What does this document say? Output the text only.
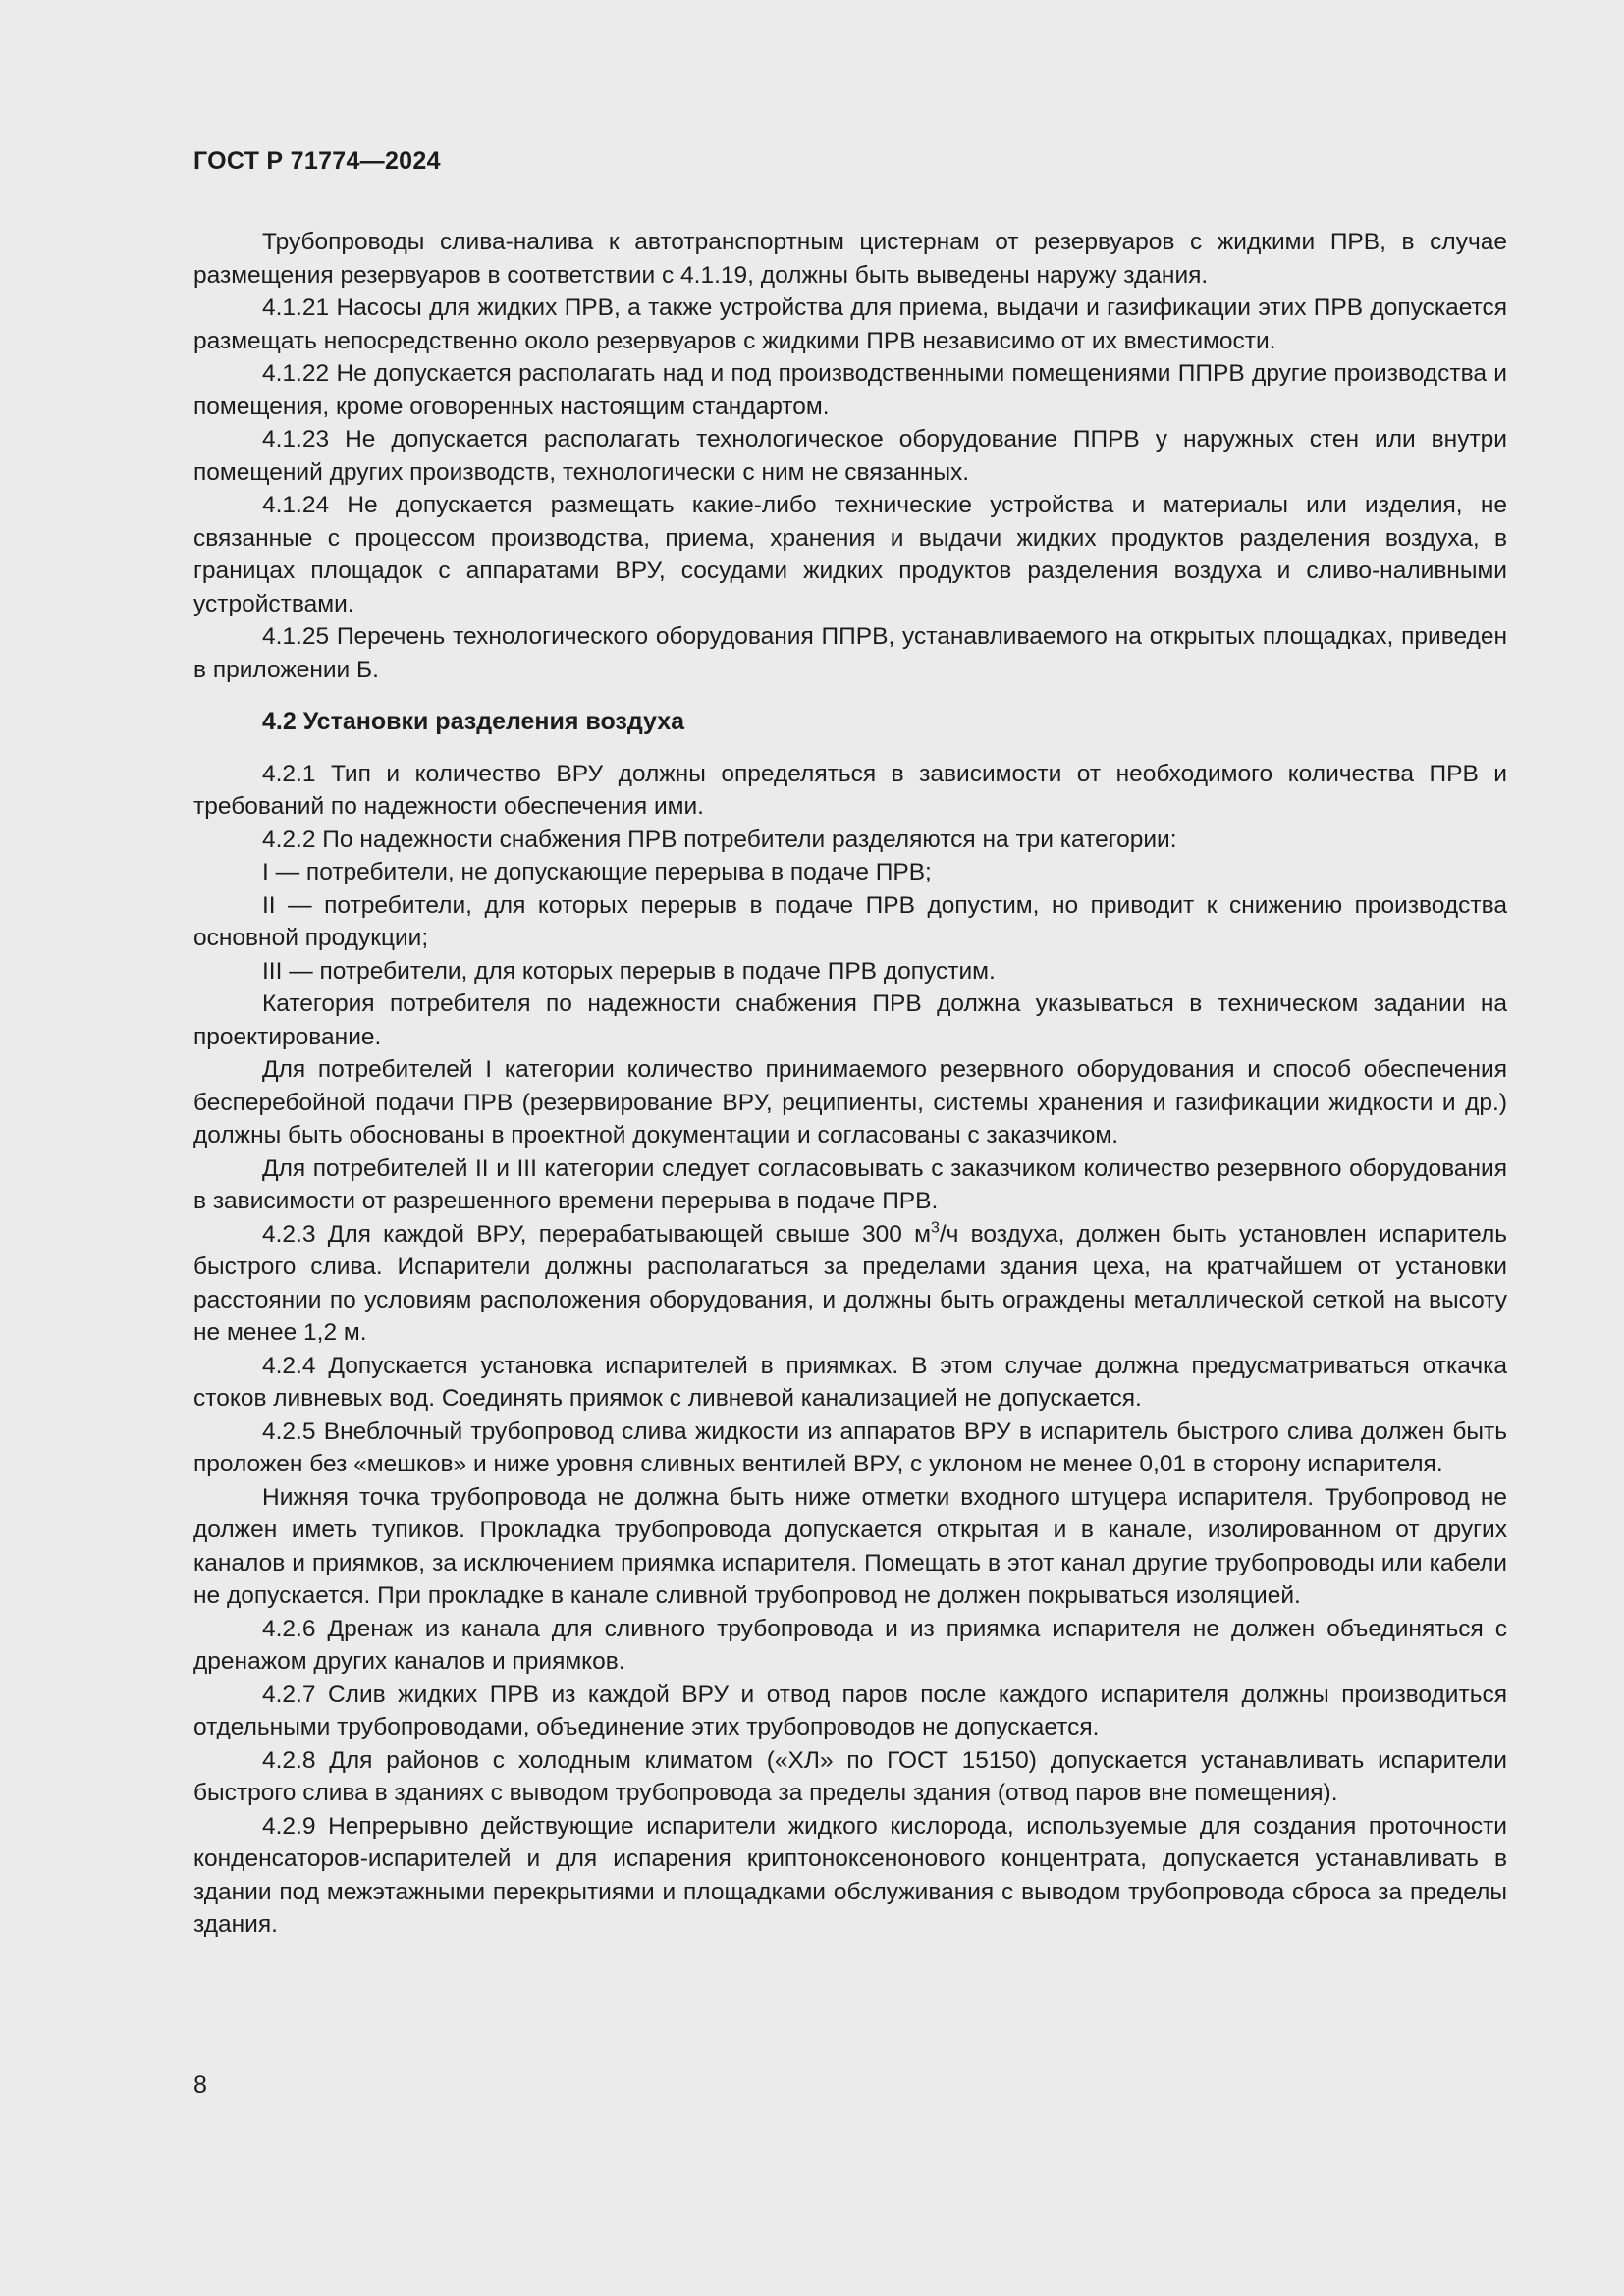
ГОСТ Р 71774—2024

Трубопроводы слива-налива к автотранспортным цистернам от резервуаров с жидкими ПРВ, в случае размещения резервуаров в соответствии с 4.1.19, должны быть выведены наружу здания.

4.1.21 Насосы для жидких ПРВ, а также устройства для приема, выдачи и газификации этих ПРВ допускается размещать непосредственно около резервуаров с жидкими ПРВ независимо от их вместимости.

4.1.22 Не допускается располагать над и под производственными помещениями ППРВ другие производства и помещения, кроме оговоренных настоящим стандартом.

4.1.23 Не допускается располагать технологическое оборудование ППРВ у наружных стен или внутри помещений других производств, технологически с ним не связанных.

4.1.24 Не допускается размещать какие-либо технические устройства и материалы или изделия, не связанные с процессом производства, приема, хранения и выдачи жидких продуктов разделения воздуха, в границах площадок с аппаратами ВРУ, сосудами жидких продуктов разделения воздуха и сливо-наливными устройствами.

4.1.25 Перечень технологического оборудования ППРВ, устанавливаемого на открытых площадках, приведен в приложении Б.

4.2 Установки разделения воздуха

4.2.1 Тип и количество ВРУ должны определяться в зависимости от необходимого количества ПРВ и требований по надежности обеспечения ими.

4.2.2 По надежности снабжения ПРВ потребители разделяются на три категории:

I — потребители, не допускающие перерыва в подаче ПРВ;

II — потребители, для которых перерыв в подаче ПРВ допустим, но приводит к снижению производства основной продукции;

III — потребители, для которых перерыв в подаче ПРВ допустим.

Категория потребителя по надежности снабжения ПРВ должна указываться в техническом задании на проектирование.

Для потребителей I категории количество принимаемого резервного оборудования и способ обеспечения бесперебойной подачи ПРВ (резервирование ВРУ, реципиенты, системы хранения и газификации жидкости и др.) должны быть обоснованы в проектной документации и согласованы с заказчиком.

Для потребителей II и III категории следует согласовывать с заказчиком количество резервного оборудования в зависимости от разрешенного времени перерыва в подаче ПРВ.

4.2.3 Для каждой ВРУ, перерабатывающей свыше 300 $м^3/ч$ воздуха, должен быть установлен испаритель быстрого слива. Испарители должны располагаться за пределами здания цеха, на кратчайшем от установки расстоянии по условиям расположения оборудования, и должны быть ограждены металлической сеткой на высоту не менее 1,2 м.

4.2.4 Допускается установка испарителей в приямках. В этом случае должна предусматриваться откачка стоков ливневых вод. Соединять приямок с ливневой канализацией не допускается.

4.2.5 Внеблочный трубопровод слива жидкости из аппаратов ВРУ в испаритель быстрого слива должен быть проложен без «мешков» и ниже уровня сливных вентилей ВРУ, с уклоном не менее 0,01 в сторону испарителя.

Нижняя точка трубопровода не должна быть ниже отметки входного штуцера испарителя. Трубопровод не должен иметь тупиков. Прокладка трубопровода допускается открытая и в канале, изолированном от других каналов и приямков, за исключением приямка испарителя. Помещать в этот канал другие трубопроводы или кабели не допускается. При прокладке в канале сливной трубопровод не должен покрываться изоляцией.

4.2.6 Дренаж из канала для сливного трубопровода и из приямка испарителя не должен объединяться с дренажом других каналов и приямков.

4.2.7 Слив жидких ПРВ из каждой ВРУ и отвод паров после каждого испарителя должны производиться отдельными трубопроводами, объединение этих трубопроводов не допускается.

4.2.8 Для районов с холодным климатом («ХЛ» по ГОСТ 15150) допускается устанавливать испарители быстрого слива в зданиях с выводом трубопровода за пределы здания (отвод паров вне помещения).

4.2.9 Непрерывно действующие испарители жидкого кислорода, используемые для создания проточности конденсаторов-испарителей и для испарения криптоноксенонового концентрата, допускается устанавливать в здании под межэтажными перекрытиями и площадками обслуживания с выводом трубопровода сброса за пределы здания.

8
